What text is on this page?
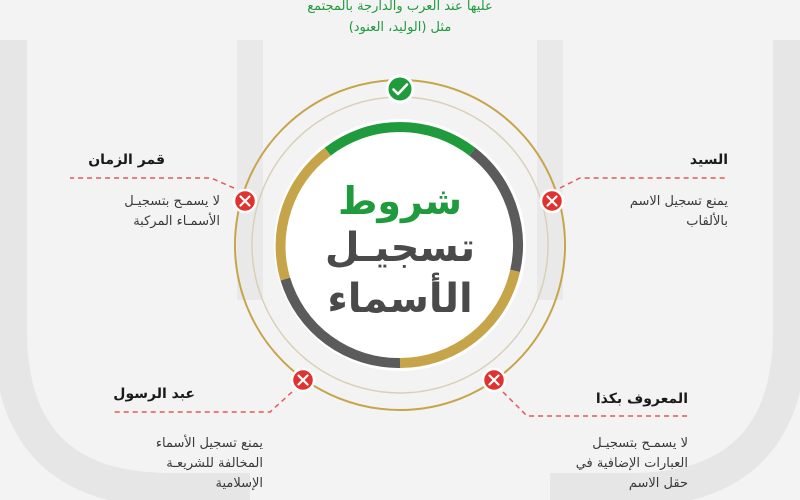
عليها عند العرب والدارجة بالمجتمع
مثل (الوليد، العنود)
شروط
تسجيـل
الأسماء
السيد
يمنع تسجيل الاسم
بالألقاب
قمر الزمان
لا يسمـح بتسجيـل
الأسمـاء المركبة
عبد الرسول
يمنع تسجيل الأسماء
المخالفة للشريعـة
الإسلامية
المعروف بكذا
لا يسمـح بتسجيـل
العبارات الإضافية في
حقل الاسم
